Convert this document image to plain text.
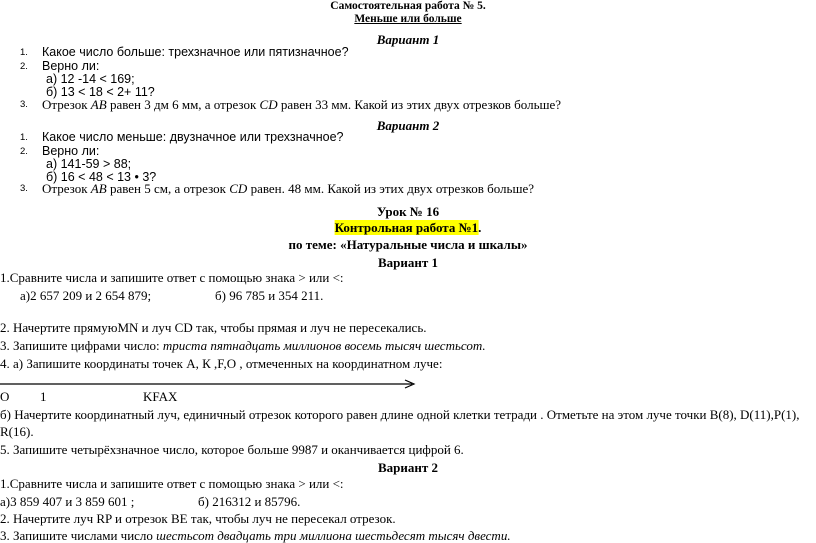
Самостоятельная работа № 5.
Меньше или больше
Вариант 1
1. Какое число больше: трехзначное или пятизначное?
2. Верно ли:
а) 12 -14 < 169;
б) 13 < 18 < 2+ 11?
3. Отрезок AB равен 3 дм 6 мм, а отрезок CD равен 33 мм. Какой из этих двух отрезков больше?
Вариант 2
1. Какое число меньше: двузначное или трехзначное?
2. Верно ли:
а) 141-59 > 88;
б) 16 < 48 < 13 • 3?
3. Отрезок AB равен 5 см, а отрезок CD равен. 48 мм. Какой из этих двух отрезков больше?
Урок № 16
Контрольная работа №1.
по теме: «Натуральные числа и шкалы»
Вариант 1
1.Сравните числа и запишите ответ с помощью знака > или <:
а)2 657 209 и 2 654 879;	б) 96 785 и 354 211.
2. Начертите прямуюMN и луч CD так, чтобы прямая и луч не пересекались.
3. Запишите цифрами число: триста пятнадцать миллионов восемь тысяч шестьсот.
4. а) Запишите координаты точек А, К ,F,O , отмеченных на координатном луче:
O 1	KFAX
б) Начертите координатный луч, единичный отрезок которого равен длине одной клетки тетради . Отметьте на этом луче точки В(8), D(11),P(1),
R(16).
5. Запишите четырёхзначное число, которое больше 9987 и оканчивается цифрой 6.
Вариант 2
1.Сравните числа и запишите ответ с помощью знака > или <:
а)3 859 407 и 3 859 601 ;	б) 216312 и 85796.
2. Начертите луч RP и отрезок ВЕ так, чтобы луч не пересекал отрезок.
3. Запишите числами число шестьсот двадцать три миллиона шестьдесят тысяч двести.
